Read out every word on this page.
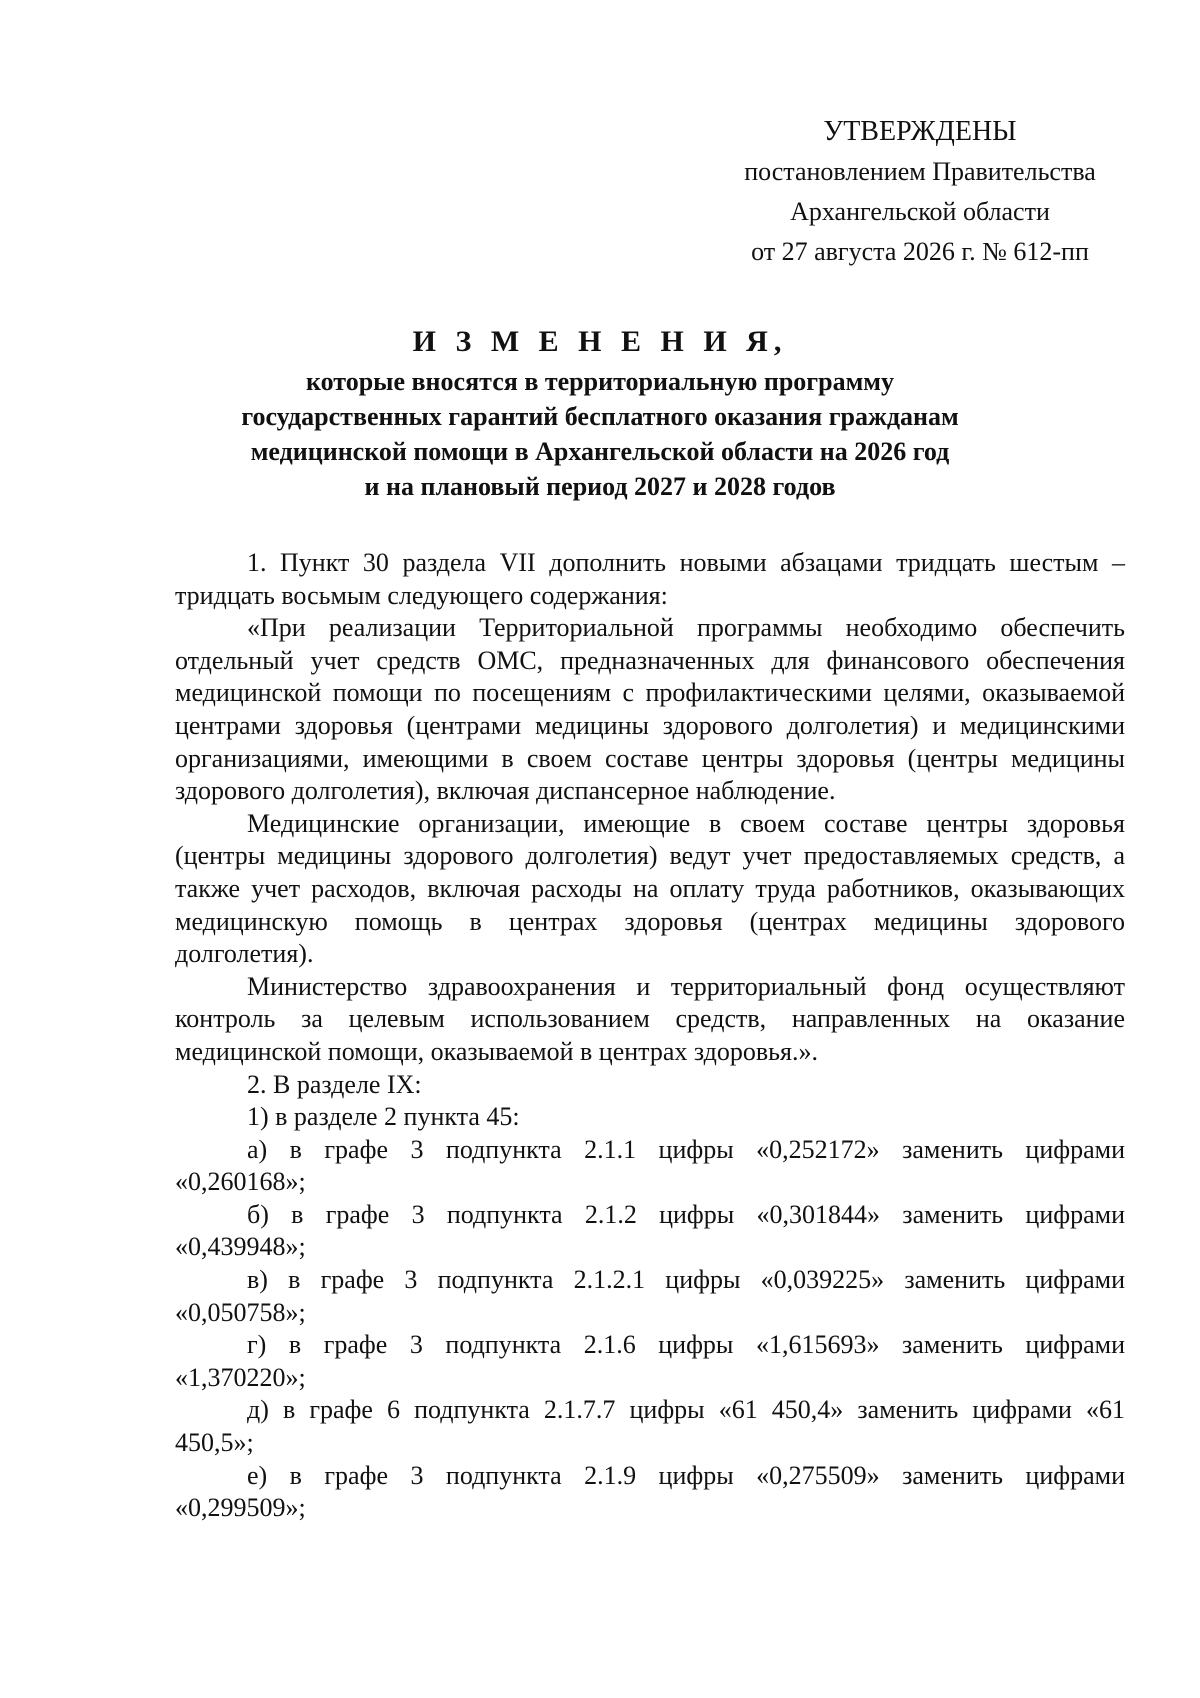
УТВЕРЖДЕНЫ
постановлением Правительства
Архангельской области
от 27 августа 2026 г. № 612-пп
И З М Е Н Е Н И Я,
которые вносятся в территориальную программу
государственных гарантий бесплатного оказания гражданам
медицинской помощи в Архангельской области на 2026 год
и на плановый период 2027 и 2028 годов

1. Пункт 30 раздела VII дополнить новыми абзацами тридцать шестым – тридцать восьмым следующего содержания:

«При реализации Территориальной программы необходимо обеспечить отдельный учет средств ОМС, предназначенных для финансового обеспечения медицинской помощи по посещениям с профилактическими целями, оказываемой центрами здоровья (центрами медицины здорового долголетия) и медицинскими организациями, имеющими в своем составе центры здоровья (центры медицины здорового долголетия), включая диспансерное наблюдение.

Медицинские организации, имеющие в своем составе центры здоровья (центры медицины здорового долголетия) ведут учет предоставляемых средств, а также учет расходов, включая расходы на оплату труда работников, оказывающих медицинскую помощь в центрах здоровья (центрах медицины здорового долголетия).

Министерство здравоохранения и территориальный фонд осуществляют контроль за целевым использованием средств, направленных на оказание медицинской помощи, оказываемой в центрах здоровья.».

2. В разделе IX:

1) в разделе 2 пункта 45:

а) в графе 3 подпункта 2.1.1 цифры «0,252172» заменить цифрами «0,260168»;

б) в графе 3 подпункта 2.1.2 цифры «0,301844» заменить цифрами «0,439948»;

в) в графе 3 подпункта 2.1.2.1 цифры «0,039225» заменить цифрами «0,050758»;

г) в графе 3 подпункта 2.1.6 цифры «1,615693» заменить цифрами «1,370220»;

д) в графе 6 подпункта 2.1.7.7 цифры «61 450,4» заменить цифрами «61 450,5»;

е) в графе 3 подпункта 2.1.9 цифры «0,275509» заменить цифрами «0,299509»;
